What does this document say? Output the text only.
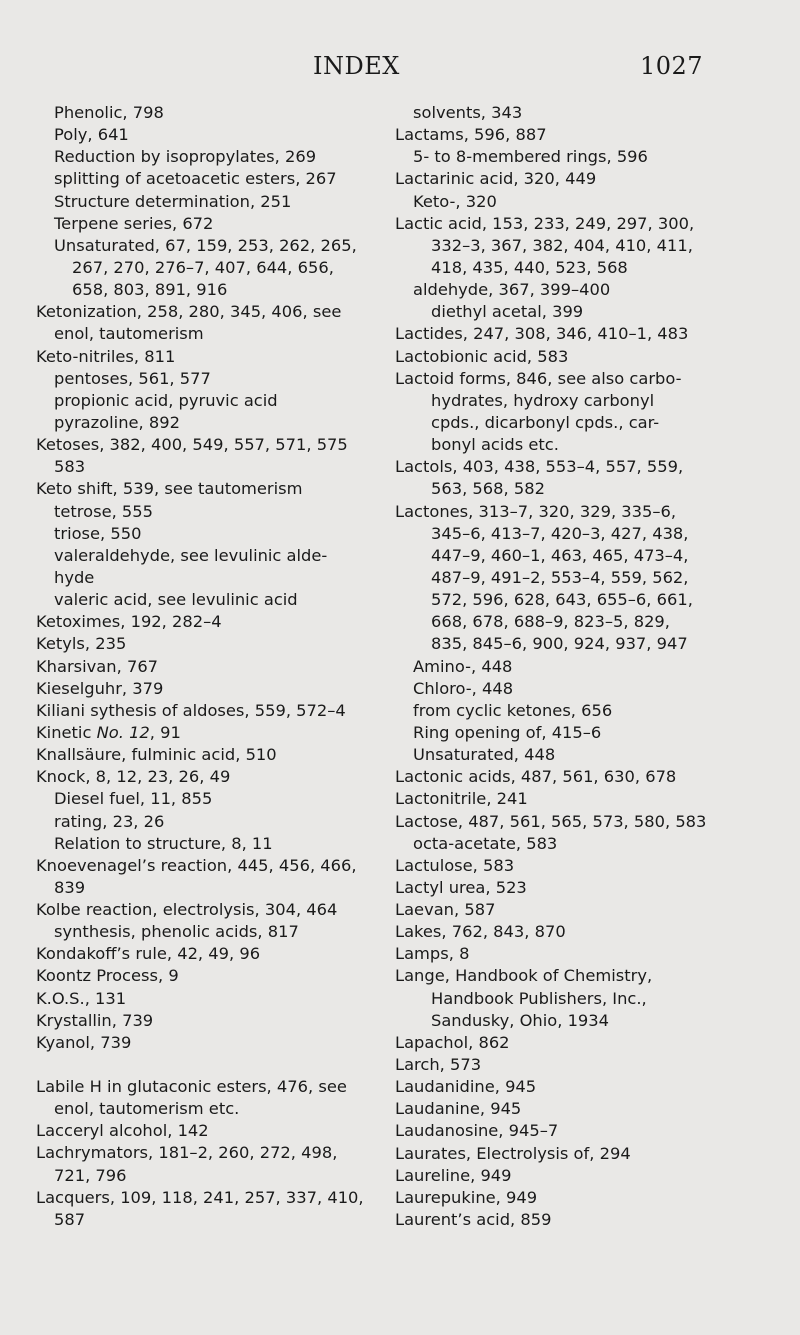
INDEX	1027
Phenolic, 798
Poly, 641
Reduction by isopropylates, 269
splitting of acetoacetic esters, 267
Structure determination, 251
Terpene series, 672
Unsaturated, 67, 159, 253, 262, 265,
267, 270, 276–7, 407, 644, 656,
658, 803, 891, 916
Ketonization, 258, 280, 345, 406, see
enol, tautomerism
Keto-nitriles, 811
pentoses, 561, 577
propionic acid, pyruvic acid
pyrazoline, 892
Ketoses, 382, 400, 549, 557, 571, 575
583
Keto shift, 539, see tautomerism
tetrose, 555
triose, 550
valeraldehyde, see levulinic alde-
hyde
valeric acid, see levulinic acid
Ketoximes, 192, 282–4
Ketyls, 235
Kharsivan, 767
Kieselguhr, 379
Kiliani sythesis of aldoses, 559, 572–4
Kinetic No. 12, 91
Knallsäure, fulminic acid, 510
Knock, 8, 12, 23, 26, 49
Diesel fuel, 11, 855
rating, 23, 26
Relation to structure, 8, 11
Knoevenagel’s reaction, 445, 456, 466,
839
Kolbe reaction, electrolysis, 304, 464
synthesis, phenolic acids, 817
Kondakoff’s rule, 42, 49, 96
Koontz Process, 9
K.O.S., 131
Krystallin, 739
Kyanol, 739
Labile H in glutaconic esters, 476, see
enol, tautomerism etc.
Lacceryl alcohol, 142
Lachrymators, 181–2, 260, 272, 498,
721, 796
Lacquers, 109, 118, 241, 257, 337, 410,
587
solvents, 343
Lactams, 596, 887
5- to 8-membered rings, 596
Lactarinic acid, 320, 449
Keto-, 320
Lactic acid, 153, 233, 249, 297, 300,
332–3, 367, 382, 404, 410, 411,
418, 435, 440, 523, 568
aldehyde, 367, 399–400
diethyl acetal, 399
Lactides, 247, 308, 346, 410–1, 483
Lactobionic acid, 583
Lactoid forms, 846, see also carbo-
hydrates, hydroxy carbonyl
cpds., dicarbonyl cpds., car-
bonyl acids etc.
Lactols, 403, 438, 553–4, 557, 559,
563, 568, 582
Lactones, 313–7, 320, 329, 335–6,
345–6, 413–7, 420–3, 427, 438,
447–9, 460–1, 463, 465, 473–4,
487–9, 491–2, 553–4, 559, 562,
572, 596, 628, 643, 655–6, 661,
668, 678, 688–9, 823–5, 829,
835, 845–6, 900, 924, 937, 947
Amino-, 448
Chloro-, 448
from cyclic ketones, 656
Ring opening of, 415–6
Unsaturated, 448
Lactonic acids, 487, 561, 630, 678
Lactonitrile, 241
Lactose, 487, 561, 565, 573, 580, 583
octa-acetate, 583
Lactulose, 583
Lactyl urea, 523
Laevan, 587
Lakes, 762, 843, 870
Lamps, 8
Lange, Handbook of Chemistry,
Handbook Publishers, Inc.,
Sandusky, Ohio, 1934
Lapachol, 862
Larch, 573
Laudanidine, 945
Laudanine, 945
Laudanosine, 945–7
Laurates, Electrolysis of, 294
Laureline, 949
Laurepukine, 949
Laurent’s acid, 859
